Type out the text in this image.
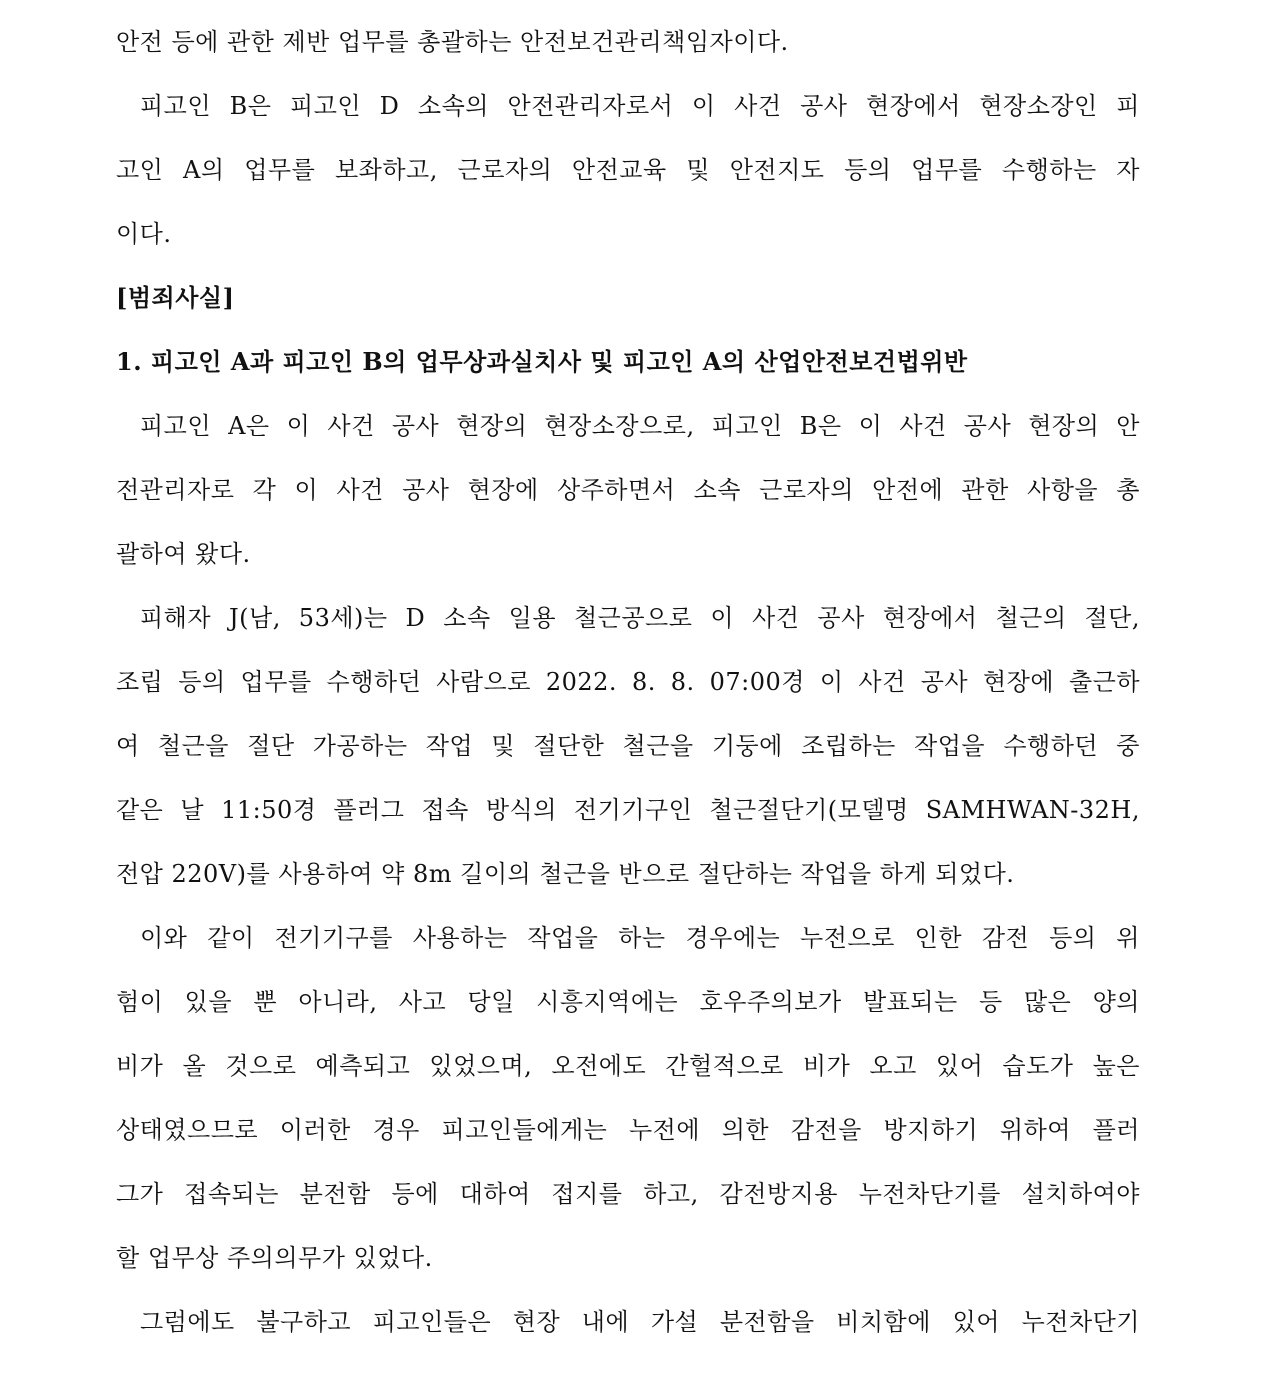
안전 등에 관한 제반 업무를 총괄하는 안전보건관리책임자이다.
피고인 B은 피고인 D 소속의 안전관리자로서 이 사건 공사 현장에서 현장소장인 피
고인 A의 업무를 보좌하고, 근로자의 안전교육 및 안전지도 등의 업무를 수행하는 자
이다.
[범죄사실]
1. 피고인 A과 피고인 B의 업무상과실치사 및 피고인 A의 산업안전보건법위반
피고인 A은 이 사건 공사 현장의 현장소장으로, 피고인 B은 이 사건 공사 현장의 안
전관리자로 각 이 사건 공사 현장에 상주하면서 소속 근로자의 안전에 관한 사항을 총
괄하여 왔다.
피해자 J(남, 53세)는 D 소속 일용 철근공으로 이 사건 공사 현장에서 철근의 절단,
조립 등의 업무를 수행하던 사람으로 2022. 8. 8. 07:00경 이 사건 공사 현장에 출근하
여 철근을 절단 가공하는 작업 및 절단한 철근을 기둥에 조립하는 작업을 수행하던 중
같은 날 11:50경 플러그 접속 방식의 전기기구인 철근절단기(모델명 SAMHWAN-32H,
전압 220V)를 사용하여 약 8m 길이의 철근을 반으로 절단하는 작업을 하게 되었다.
이와 같이 전기기구를 사용하는 작업을 하는 경우에는 누전으로 인한 감전 등의 위
험이 있을 뿐 아니라, 사고 당일 시흥지역에는 호우주의보가 발표되는 등 많은 양의
비가 올 것으로 예측되고 있었으며, 오전에도 간헐적으로 비가 오고 있어 습도가 높은
상태였으므로 이러한 경우 피고인들에게는 누전에 의한 감전을 방지하기 위하여 플러
그가 접속되는 분전함 등에 대하여 접지를 하고, 감전방지용 누전차단기를 설치하여야
할 업무상 주의의무가 있었다.
그럼에도 불구하고 피고인들은 현장 내에 가설 분전함을 비치함에 있어 누전차단기
